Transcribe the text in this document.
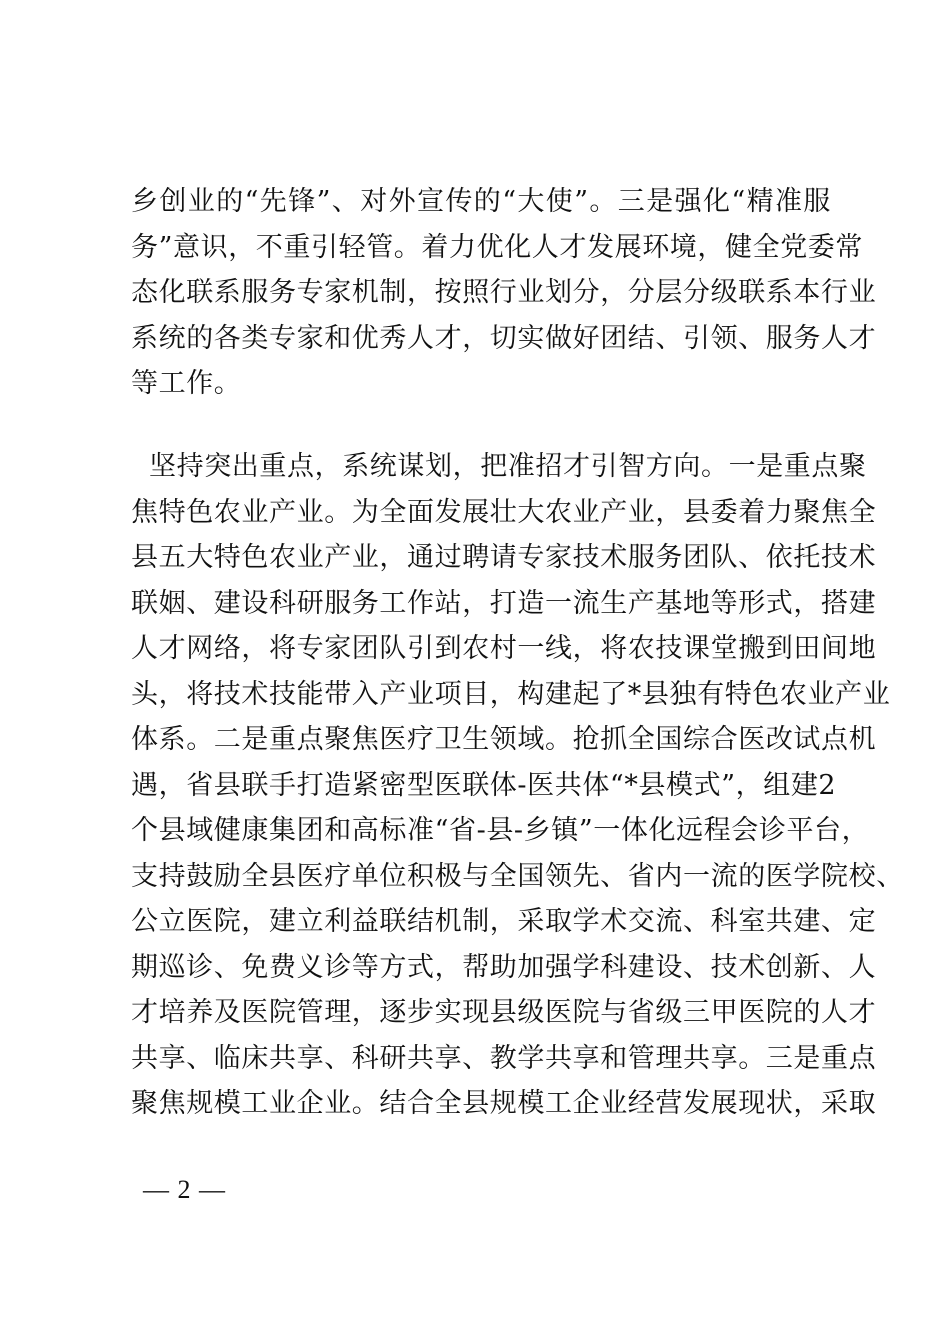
乡创业的“先锋”、对外宣传的“大使”。三是强化“精准服
务”意识，不重引轻管。着力优化人才发展环境，健全党委常
态化联系服务专家机制，按照行业划分，分层分级联系本行业
系统的各类专家和优秀人才，切实做好团结、引领、服务人才
等工作。
坚持突出重点，系统谋划，把准招才引智方向。一是重点聚
焦特色农业产业。为全面发展壮大农业产业，县委着力聚焦全
县五大特色农业产业，通过聘请专家技术服务团队、依托技术
联姻、建设科研服务工作站，打造一流生产基地等形式，搭建
人才网络，将专家团队引到农村一线，将农技课堂搬到田间地
头，将技术技能带入产业项目，构建起了*县独有特色农业产业
体系。二是重点聚焦医疗卫生领域。抢抓全国综合医改试点机
遇，省县联手打造紧密型医联体-医共体“*县模式”，组建2
个县域健康集团和高标准“省-县-乡镇”一体化远程会诊平台，
支持鼓励全县医疗单位积极与全国领先、省内一流的医学院校、
公立医院，建立利益联结机制，采取学术交流、科室共建、定
期巡诊、免费义诊等方式，帮助加强学科建设、技术创新、人
才培养及医院管理，逐步实现县级医院与省级三甲医院的人才
共享、临床共享、科研共享、教学共享和管理共享。三是重点
聚焦规模工业企业。结合全县规模工企业经营发展现状，采取
— 2 —
